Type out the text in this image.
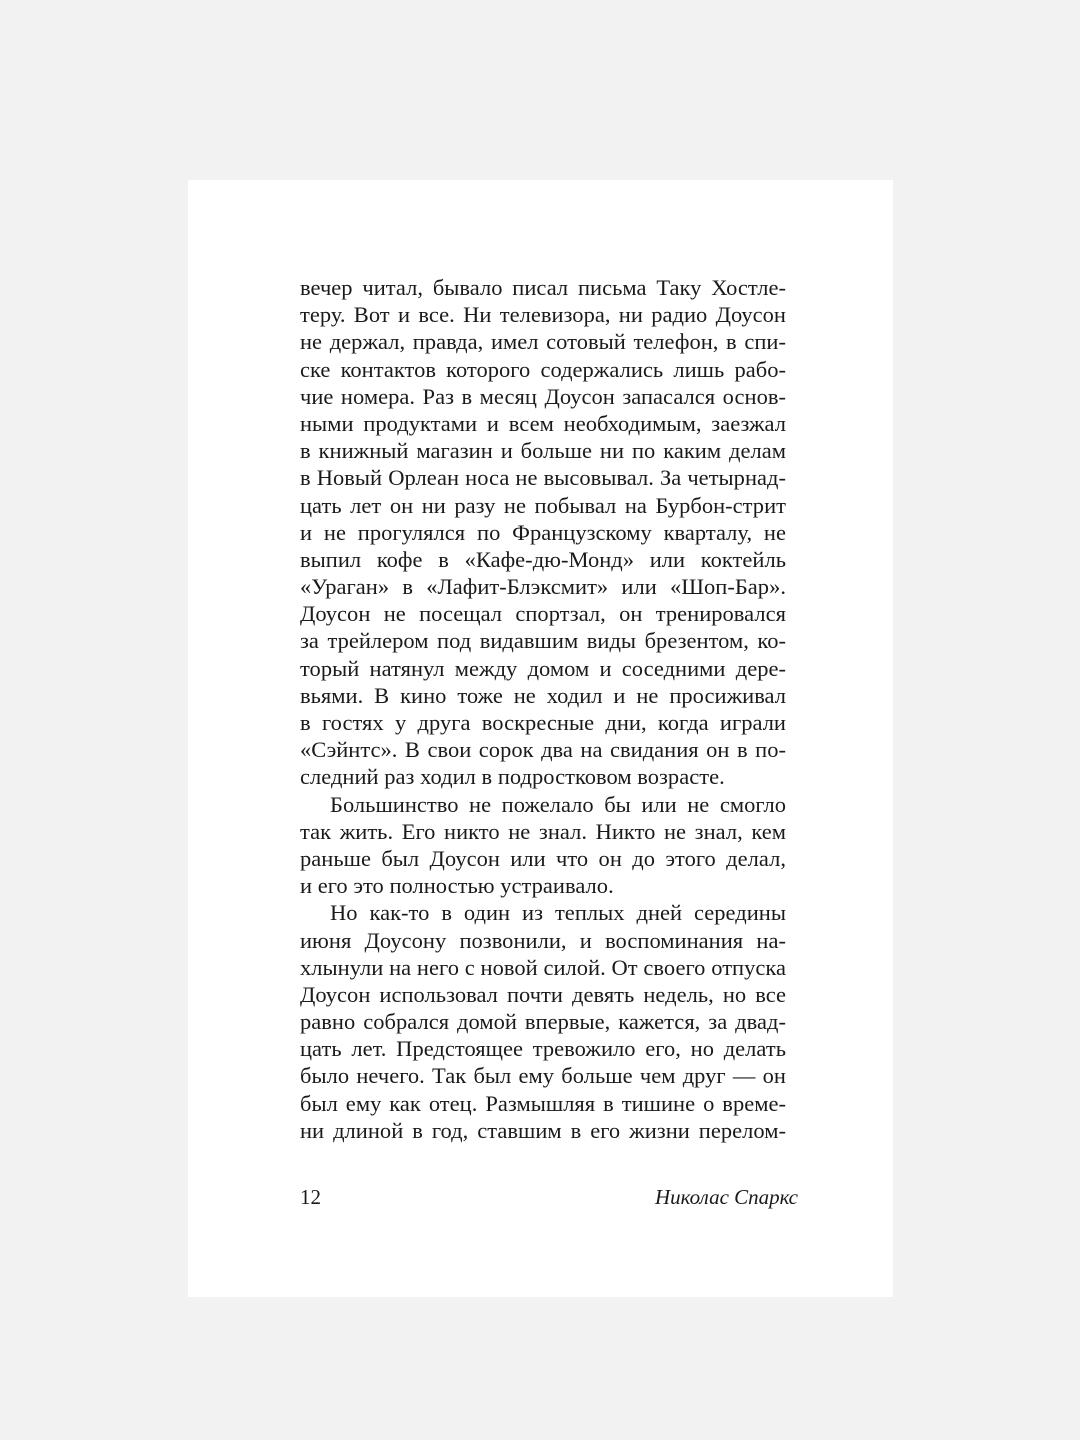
вечер читал, бывало писал письма Таку Хостле-
теру. Вот и все. Ни телевизора, ни радио Доусон
не держал, правда, имел сотовый телефон, в спи-
ске контактов которого содержались лишь рабо-
чие номера. Раз в месяц Доусон запасался основ-
ными продуктами и всем необходимым, заезжал
в книжный магазин и больше ни по каким делам
в Новый Орлеан носа не высовывал. За четырнад-
цать лет он ни разу не побывал на Бурбон-стрит
и не прогулялся по Французскому кварталу, не
выпил кофе в «Кафе-дю-Монд» или коктейль
«Ураган» в «Лафит-Блэксмит» или «Шоп-Бар».
Доусон не посещал спортзал, он тренировался
за трейлером под видавшим виды брезентом, ко-
торый натянул между домом и соседними дере-
вьями. В кино тоже не ходил и не просиживал
в гостях у друга воскресные дни, когда играли
«Сэйнтс». В свои сорок два на свидания он в по-
следний раз ходил в подростковом возрасте.
Большинство не пожелало бы или не смогло
так жить. Его никто не знал. Никто не знал, кем
раньше был Доусон или что он до этого делал,
и его это полностью устраивало.
Но как-то в один из теплых дней середины
июня Доусону позвонили, и воспоминания на-
хлынули на него с новой силой. От своего отпуска
Доусон использовал почти девять недель, но все
равно собрался домой впервые, кажется, за двад-
цать лет. Предстоящее тревожило его, но делать
было нечего. Так был ему больше чем друг — он
был ему как отец. Размышляя в тишине о време-
ни длиной в год, ставшим в его жизни перелом-
12	Николас Спаркс
